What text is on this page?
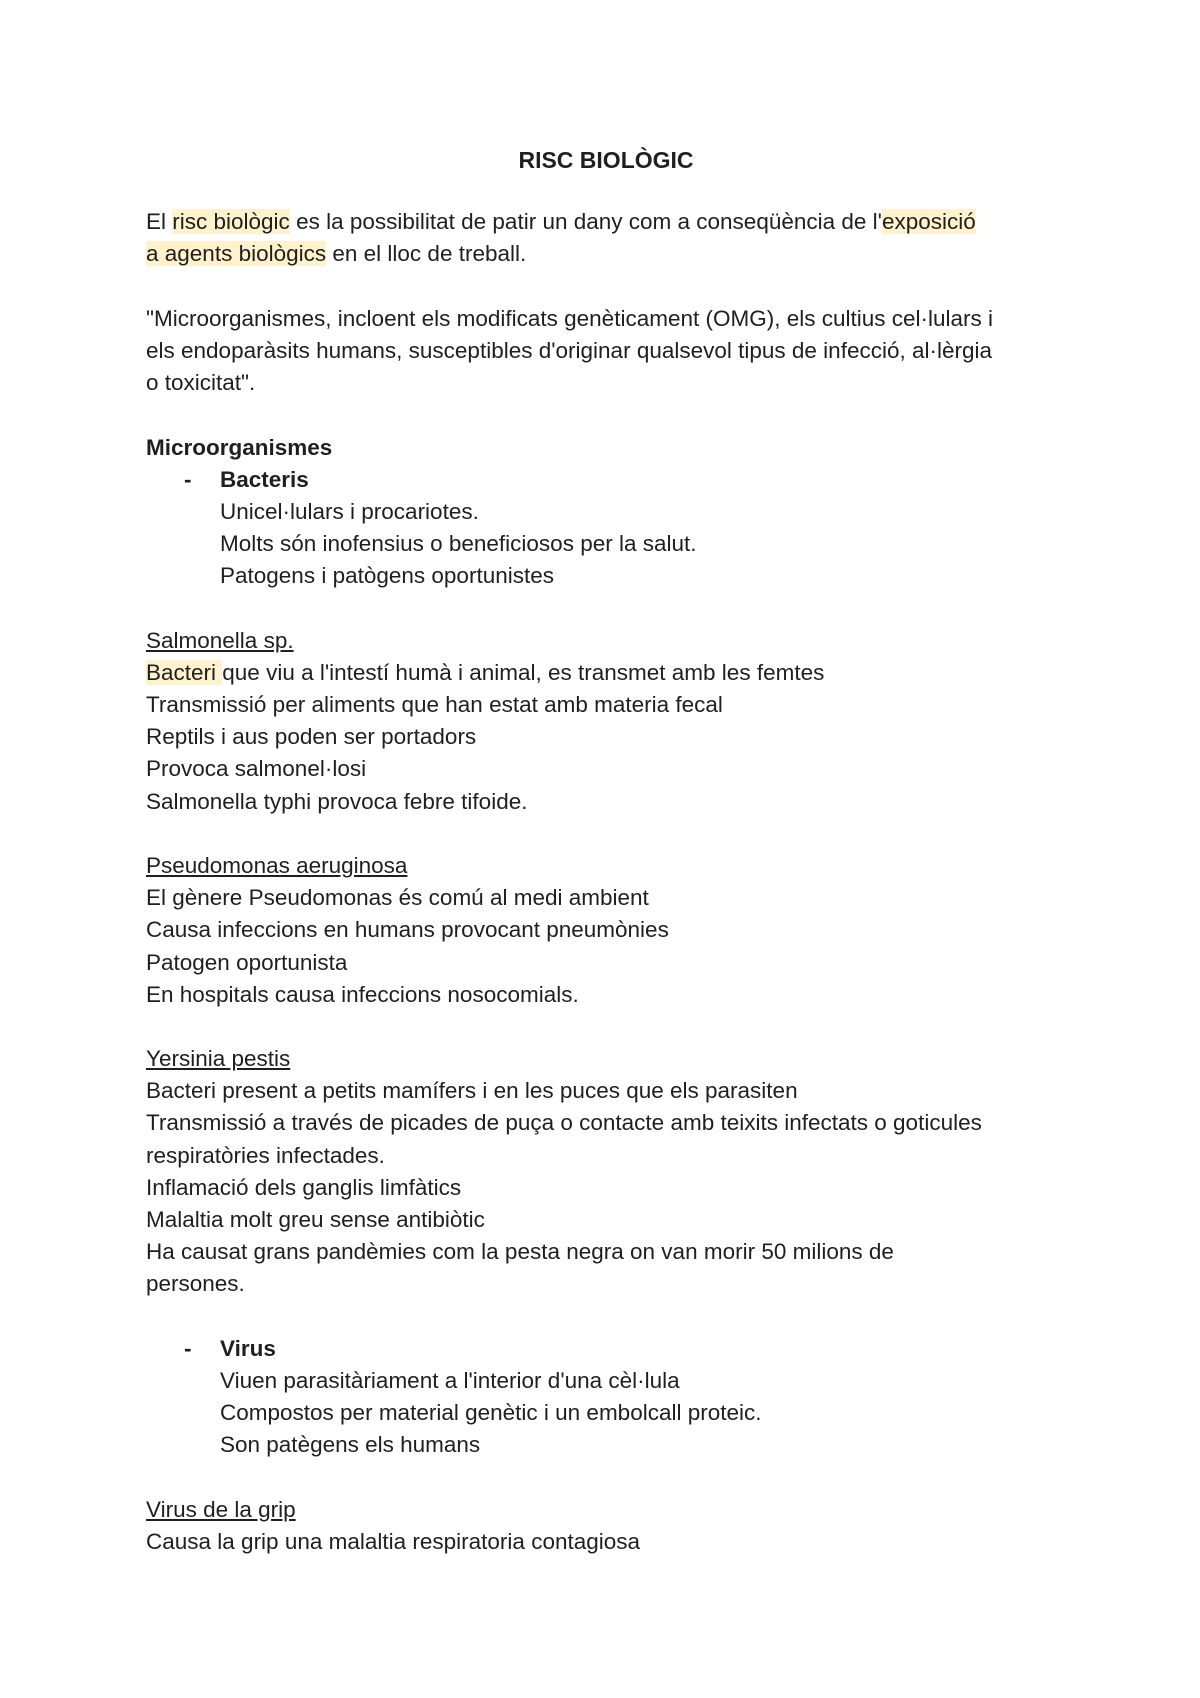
RISC BIOLÒGIC
El risc biològic es la possibilitat de patir un dany com a conseqüència de l'exposició
a agents biològics en el lloc de treball.
"Microorganismes, incloent els modificats genèticament (OMG), els cultius cel·lulars i
els endoparàsits humans, susceptibles d'originar qualsevol tipus de infecció, al·lèrgia
o toxicitat".
Microorganismes
- Bacteris
Unicel·lulars i procariotes.
Molts són inofensius o beneficiosos per la salut.
Patogens i patògens oportunistes
Salmonella sp.
Bacteri que viu a l'intestí humà i animal, es transmet amb les femtes
Transmissió per aliments que han estat amb materia fecal
Reptils i aus poden ser portadors
Provoca salmonel·losi
Salmonella typhi provoca febre tifoide.
Pseudomonas aeruginosa
El gènere Pseudomonas és comú al medi ambient
Causa infeccions en humans provocant pneumònies
Patogen oportunista
En hospitals causa infeccions nosocomials.
Yersinia pestis
Bacteri present a petits mamífers i en les puces que els parasiten
Transmissió a través de picades de puça o contacte amb teixits infectats o goticules
respiratòries infectades.
Inflamació dels ganglis limfàtics
Malaltia molt greu sense antibiòtic
Ha causat grans pandèmies com la pesta negra on van morir 50 milions de
persones.
- Virus
Viuen parasitàriament a l'interior d'una cèl·lula
Compostos per material genètic i un embolcall proteic.
Son patègens els humans
Virus de la grip
Causa la grip una malaltia respiratoria contagiosa
